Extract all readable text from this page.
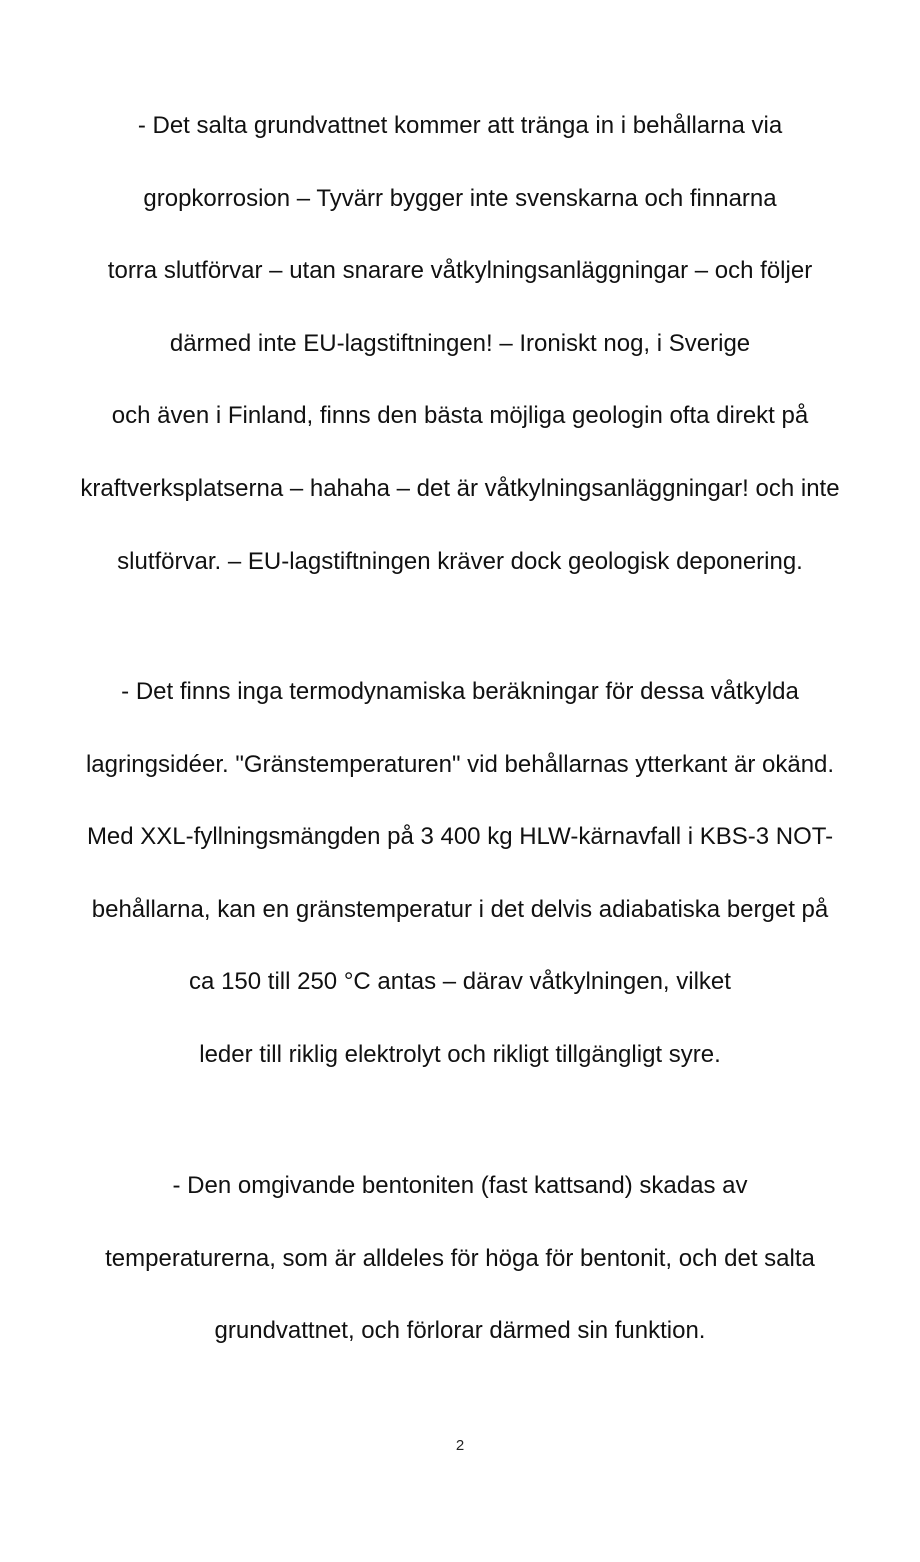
- Det salta grundvattnet kommer att tränga in i behållarna via
gropkorrosion – Tyvärr bygger inte svenskarna och finnarna
torra slutförvar – utan snarare våtkylningsanläggningar – och följer
därmed inte EU-lagstiftningen! – Ironiskt nog, i Sverige
och även i Finland, finns den bästa möjliga geologin ofta direkt på
kraftverksplatserna – hahaha – det är våtkylningsanläggningar! och inte
slutförvar. – EU-lagstiftningen kräver dock geologisk deponering.
- Det finns inga termodynamiska beräkningar för dessa våtkylda
lagringsidéer. "Gränstemperaturen" vid behållarnas ytterkant är okänd.
Med XXL-fyllningsmängden på 3 400 kg HLW-kärnavfall i KBS-3 NOT-
behållarna, kan en gränstemperatur i det delvis adiabatiska berget på
ca 150 till 250 °C antas – därav våtkylningen, vilket
leder till riklig elektrolyt och rikligt tillgängligt syre.
- Den omgivande bentoniten (fast kattsand) skadas av
temperaturerna, som är alldeles för höga för bentonit, och det salta
grundvattnet, och förlorar därmed sin funktion.
2
